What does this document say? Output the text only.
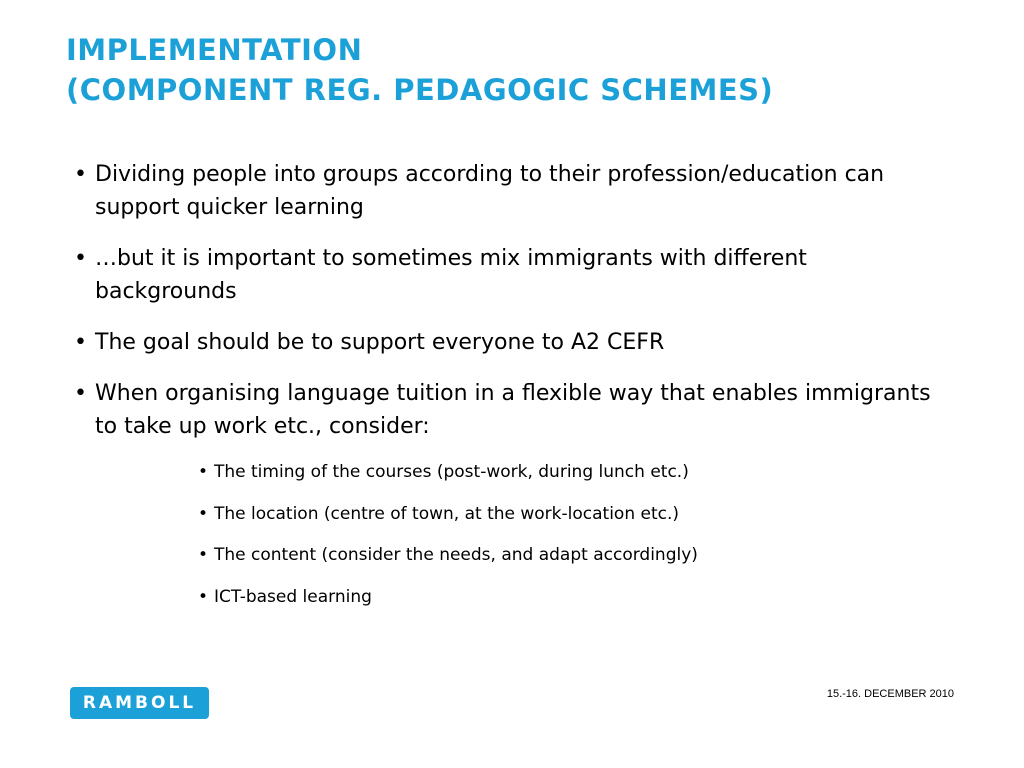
IMPLEMENTATION
(COMPONENT REG. PEDAGOGIC SCHEMES)
• Dividing people into groups according to their profession/education can support quicker learning
• …but it is important to sometimes mix immigrants with different backgrounds
• The goal should be to support everyone to A2 CEFR
• When organising language tuition in a flexible way that enables immigrants to take up work etc., consider:
• The timing of the courses (post-work, during lunch etc.)
• The location (centre of town, at the work-location etc.)
• The content (consider the needs, and adapt accordingly)
• ICT-based learning
RAMBOLL	15.-16. DECEMBER 2010
